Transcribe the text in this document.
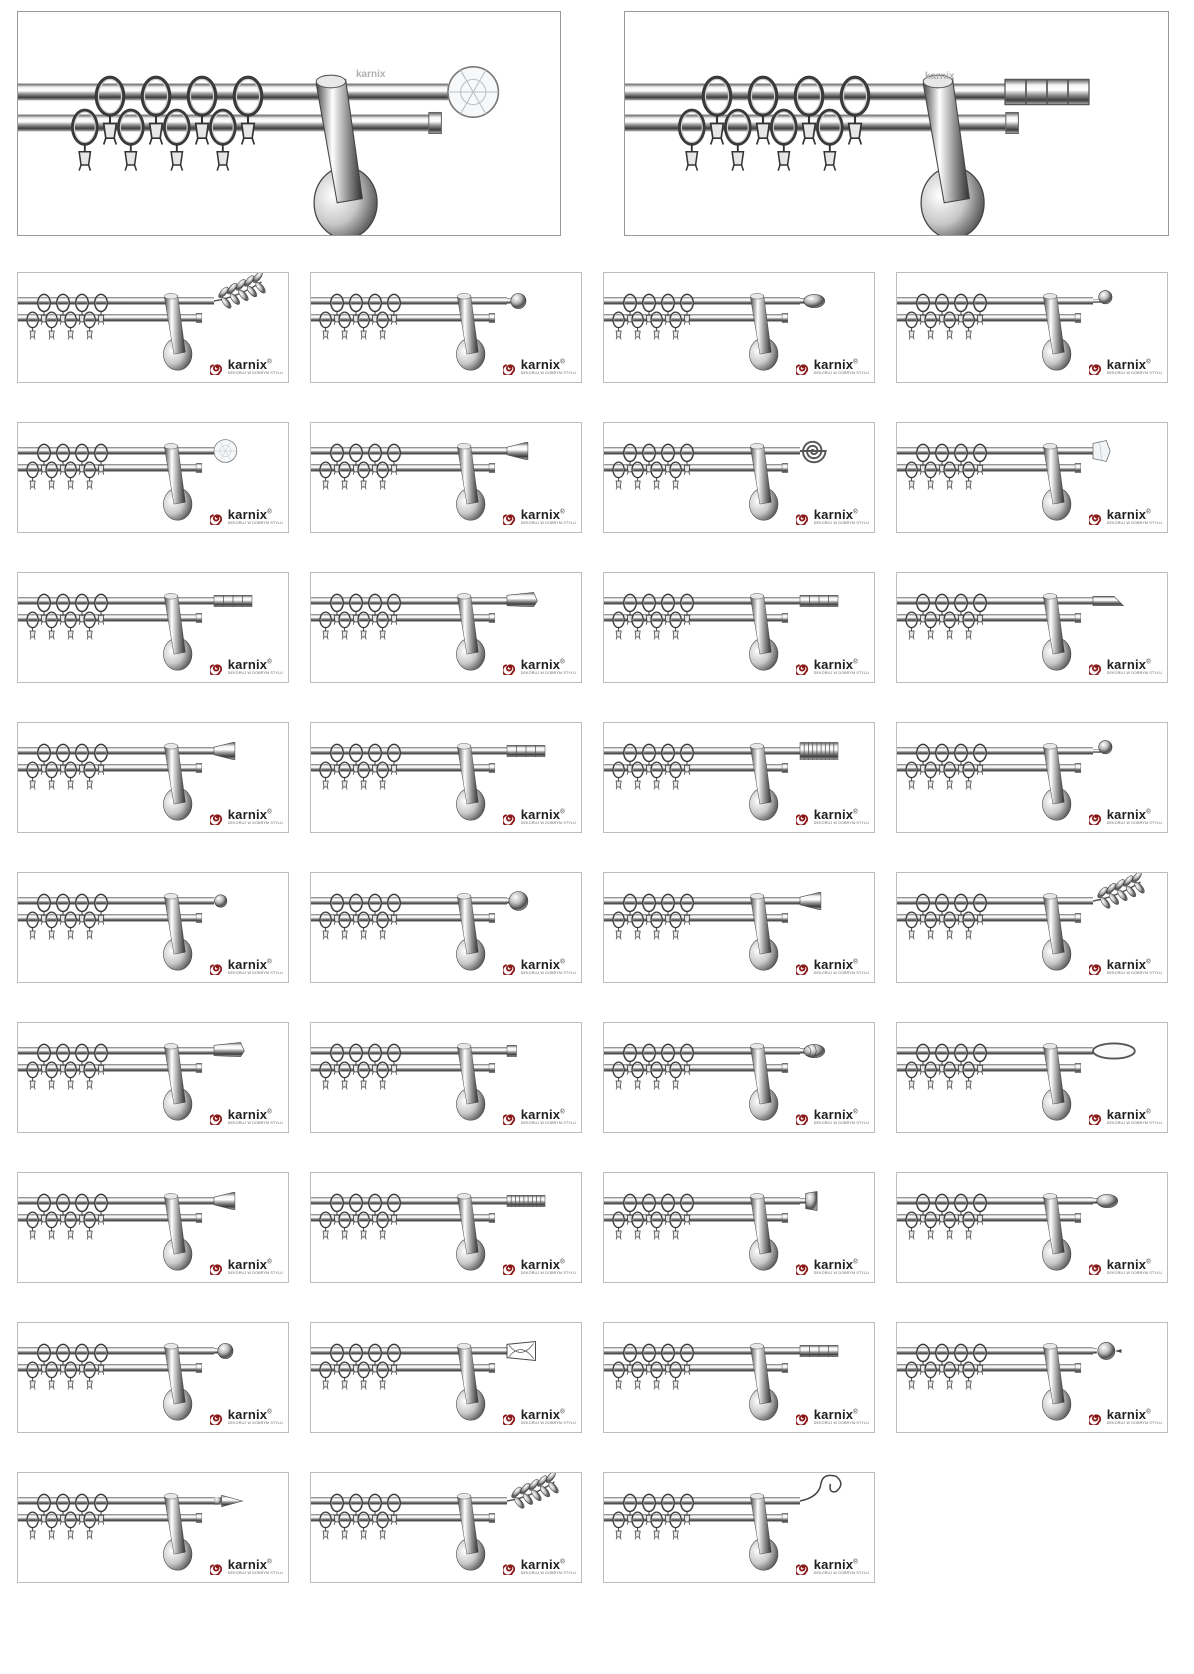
karnix	karnix
karnix®
DEKORUJ W DOBRYM STYLU
karnix®
DEKORUJ W DOBRYM STYLU
karnix®
DEKORUJ W DOBRYM STYLU
karnix®
DEKORUJ W DOBRYM STYLU
karnix®
DEKORUJ W DOBRYM STYLU
karnix®
DEKORUJ W DOBRYM STYLU
karnix®
DEKORUJ W DOBRYM STYLU
karnix®
DEKORUJ W DOBRYM STYLU
karnix®
DEKORUJ W DOBRYM STYLU
karnix®
DEKORUJ W DOBRYM STYLU
karnix®
DEKORUJ W DOBRYM STYLU
karnix®
DEKORUJ W DOBRYM STYLU
karnix®
DEKORUJ W DOBRYM STYLU
karnix®
DEKORUJ W DOBRYM STYLU
karnix®
DEKORUJ W DOBRYM STYLU
karnix®
DEKORUJ W DOBRYM STYLU
karnix®
DEKORUJ W DOBRYM STYLU
karnix®
DEKORUJ W DOBRYM STYLU
karnix®
DEKORUJ W DOBRYM STYLU
karnix®
DEKORUJ W DOBRYM STYLU
karnix®
DEKORUJ W DOBRYM STYLU
karnix®
DEKORUJ W DOBRYM STYLU
karnix®
DEKORUJ W DOBRYM STYLU
karnix®
DEKORUJ W DOBRYM STYLU
karnix®
DEKORUJ W DOBRYM STYLU
karnix®
DEKORUJ W DOBRYM STYLU
karnix®
DEKORUJ W DOBRYM STYLU
karnix®
DEKORUJ W DOBRYM STYLU
karnix®
DEKORUJ W DOBRYM STYLU
karnix®
DEKORUJ W DOBRYM STYLU
karnix®
DEKORUJ W DOBRYM STYLU
karnix®
DEKORUJ W DOBRYM STYLU
karnix®
DEKORUJ W DOBRYM STYLU
karnix®
DEKORUJ W DOBRYM STYLU
karnix®
DEKORUJ W DOBRYM STYLU
